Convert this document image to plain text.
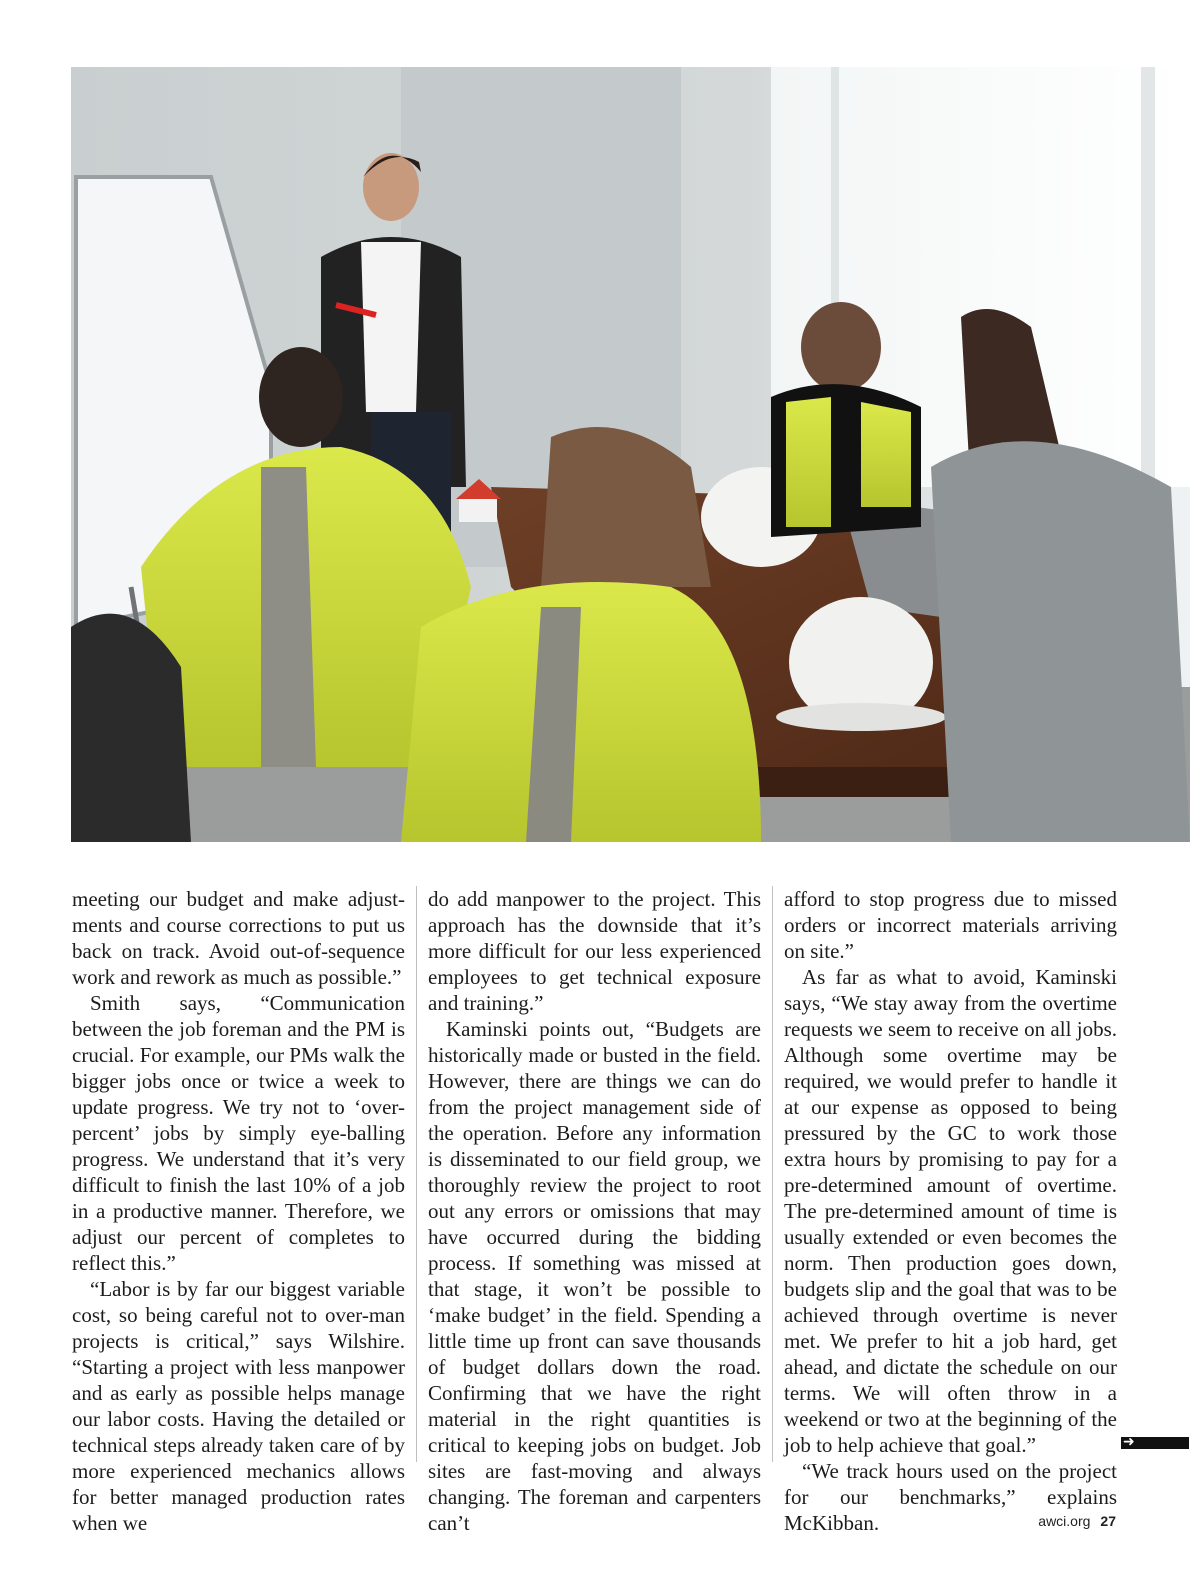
meeting our budget and make adjustments and course corrections to put us back on track. Avoid out-of-sequence work and rework as much as possible.”

Smith says, “Communication between the job foreman and the PM is crucial. For example, our PMs walk the bigger jobs once or twice a week to update progress. We try not to ‘over-percent’ jobs by simply eye-balling progress. We understand that it’s very difficult to finish the last 10% of a job in a productive manner. Therefore, we adjust our percent of completes to reflect this.”

“Labor is by far our biggest variable cost, so being careful not to over-man projects is critical,” says Wilshire. “Starting a project with less manpower and as early as possible helps manage our labor costs. Having the detailed or technical steps already taken care of by more experienced mechanics allows for better managed production rates when we

do add manpower to the project. This approach has the downside that it’s more difficult for our less experienced employees to get technical exposure and training.”

Kaminski points out, “Budgets are historically made or busted in the field. However, there are things we can do from the project management side of the operation. Before any information is disseminated to our field group, we thoroughly review the project to root out any errors or omissions that may have occurred during the bidding process. If something was missed at that stage, it won’t be possible to ‘make budget’ in the field. Spending a little time up front can save thousands of budget dollars down the road. Confirming that we have the right material in the right quantities is critical to keeping jobs on budget. Job sites are fast-moving and always changing. The foreman and carpenters can’t

afford to stop progress due to missed orders or incorrect materials arriving on site.”

As far as what to avoid, Kaminski says, “We stay away from the overtime requests we seem to receive on all jobs. Although some overtime may be required, we would prefer to handle it at our expense as opposed to being pressured by the GC to work those extra hours by promising to pay for a pre-determined amount of overtime. The pre-determined amount of time is usually extended or even becomes the norm. Then production goes down, budgets slip and the goal that was to be achieved through overtime is never met. We prefer to hit a job hard, get ahead, and dictate the schedule on our terms. We will often throw in a weekend or two at the beginning of the job to help achieve that goal.”

“We track hours used on the project for our benchmarks,” explains McKibban.

➜
awci.org 27
